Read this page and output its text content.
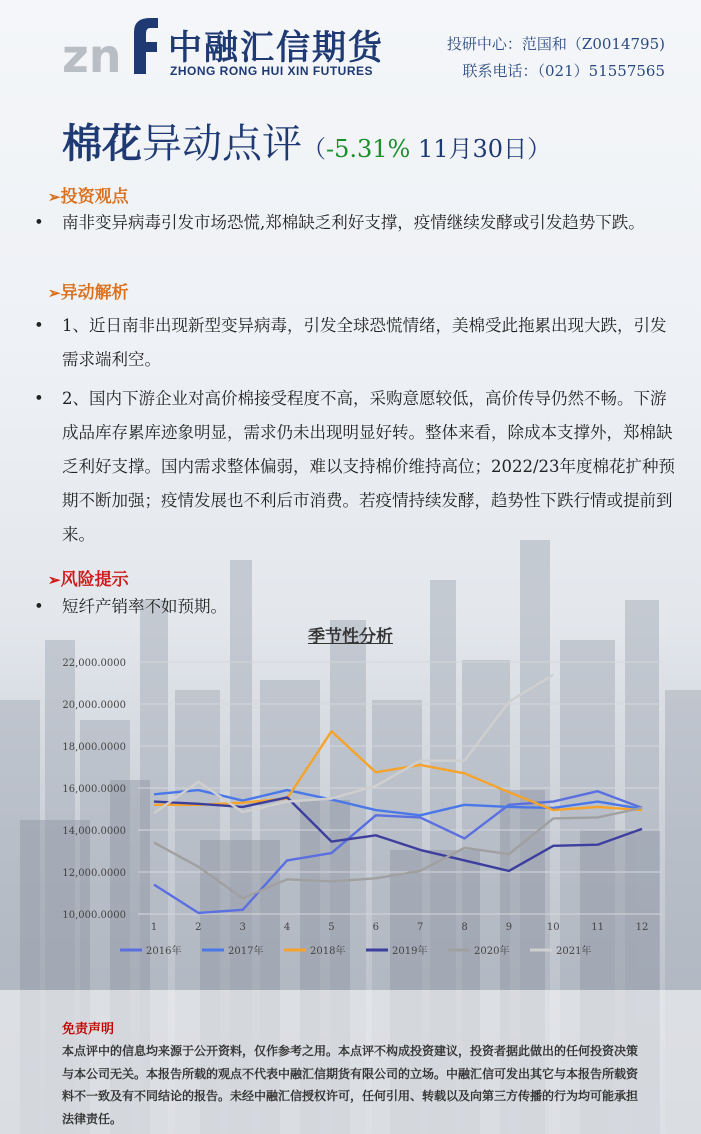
zn 中融汇信期货
ZHONG RONG HUI XIN FUTURES
投研中心：范国和（Z0014795)
联系电话：（021）51557565
棉花异动点评（-5.31% 11月30日）
➢投资观点
• 南非变异病毒引发市场恐慌,郑棉缺乏利好支撑，疫情继续发酵或引发趋势下跌。
➢异动解析
• 1、近日南非出现新型变异病毒，引发全球恐慌情绪，美棉受此拖累出现大跌，引发需求端利空。
• 2、国内下游企业对高价棉接受程度不高，采购意愿较低，高价传导仍然不畅。下游成品库存累库迹象明显，需求仍未出现明显好转。整体来看，除成本支撑外，郑棉缺乏利好支撑。国内需求整体偏弱，难以支持棉价维持高位；2022/23年度棉花扩种预期不断加强；疫情发展也不利后市消费。若疫情持续发酵，趋势性下跌行情或提前到来。
➢风险提示
• 短纤产销率不如预期。
季节性分析
22,000.0000
20,000.0000
18,000.0000
16,000.0000
14,000.0000
12,000.0000
10,000.0000
1	2	3	4	5	6	7	8	9	10	11	12
2016年	2017年	2018年	2019年	2020年	2021年
免责声明
本点评中的信息均来源于公开资料，仅作参考之用。本点评不构成投资建议，投资者据此做出的任何投资决策与本公司无关。本报告所载的观点不代表中融汇信期货有限公司的立场。中融汇信可发出其它与本报告所载资料不一致及有不同结论的报告。未经中融汇信授权许可，任何引用、转载以及向第三方传播的行为均可能承担法律责任。
